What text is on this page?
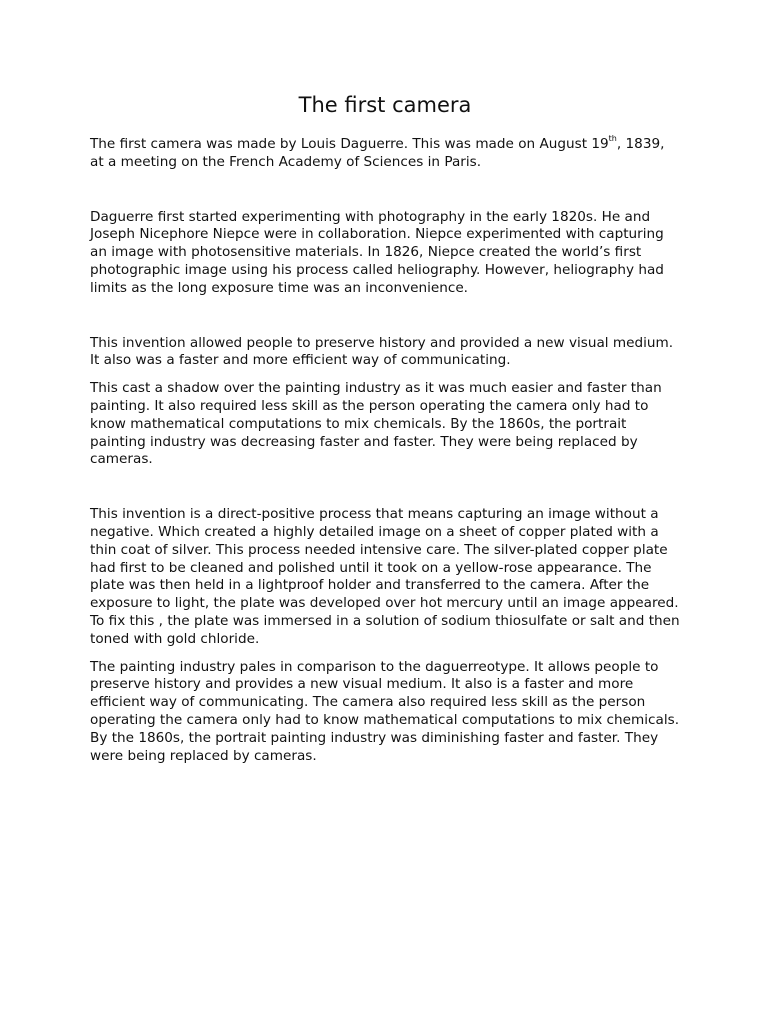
The first camera

The first camera was made by Louis Daguerre. This was made on August 19th, 1839, at a meeting on the French Academy of Sciences in Paris.

Daguerre first started experimenting with photography in the early 1820s. He and Joseph Nicephore Niepce were in collaboration. Niepce experimented with capturing an image with photosensitive materials. In 1826, Niepce created the world’s first photographic image using his process called heliography. However, heliography had limits as the long exposure time was an inconvenience.

This invention allowed people to preserve history and provided a new visual medium. It also was a faster and more efficient way of communicating.

This cast a shadow over the painting industry as it was much easier and faster than painting. It also required less skill as the person operating the camera only had to know mathematical computations to mix chemicals. By the 1860s, the portrait painting industry was decreasing faster and faster. They were being replaced by cameras.

This invention is a direct-positive process that means capturing an image without a negative. Which created a highly detailed image on a sheet of copper plated with a thin coat of silver. This process needed intensive care. The silver-plated copper plate had first to be cleaned and polished until it took on a yellow-rose appearance. The plate was then held in a lightproof holder and transferred to the camera. After the exposure to light, the plate was developed over hot mercury until an image appeared. To fix this , the plate was immersed in a solution of sodium thiosulfate or salt and then toned with gold chloride.

The painting industry pales in comparison to the daguerreotype. It allows people to preserve history and provides a new visual medium. It also is a faster and more efficient way of communicating. The camera also required less skill as the person operating the camera only had to know mathematical computations to mix chemicals. By the 1860s, the portrait painting industry was diminishing faster and faster. They were being replaced by cameras.
